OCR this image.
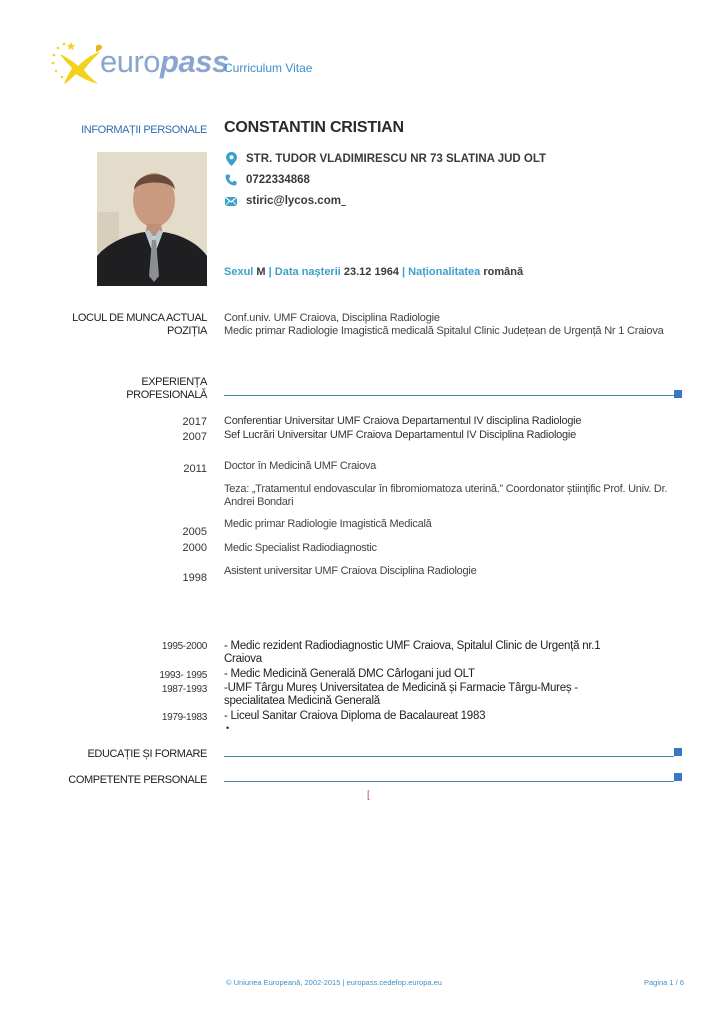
europass
Curriculum Vitae
INFORMAȚII PERSONALE CONSTANTIN CRISTIAN
STR. TUDOR VLADIMIRESCU NR 73 SLATINA JUD OLT
0722334868
stiric@lycos.com
Sexul M | Data nașterii 23.12 1964 | Naționalitatea română
LOCUL DE MUNCA ACTUAL
POZIȚIA
Conf.univ. UMF Craiova, Disciplina Radiologie
Medic primar Radiologie Imagistică medicală Spitalul Clinic Județean de Urgență Nr 1 Craiova
EXPERIENȚA
PROFESIONALĂ
2017 Conferentiar Universitar UMF Craiova Departamentul IV disciplina Radiologie
2007 Sef Lucrări Universitar UMF Craiova Departamentul IV Disciplina Radiologie
2011 Doctor în Medicină UMF Craiova
Teza: „Tratamentul endovascular în fibromiomatoza uterină.” Coordonator științific Prof. Univ. Dr. Andrei Bondari
2005
Medic primar Radiologie Imagistică Medicală
2000 Medic Specialist Radiodiagnostic
1998
Asistent universitar UMF Craiova Disciplina Radiologie
1995-2000 - Medic rezident Radiodiagnostic UMF Craiova, Spitalul Clinic de Urgență nr.1 Craiova
1993- 1995 - Medic Medicină Generală DMC Cârlogani jud OLT
1987-1993 -UMF Târgu Mureș Universitatea de Medicină și Farmacie Târgu-Mureș - specialitatea Medicină Generală
1979-1983 - Liceul Sanitar Craiova Diploma de Bacalaureat 1983
•
EDUCAȚIE ȘI FORMARE
COMPETENTE PERSONALE
[
© Uniunea Europeană, 2002-2015 | europass.cedefop.europa.eu	Pagina 1 / 6
